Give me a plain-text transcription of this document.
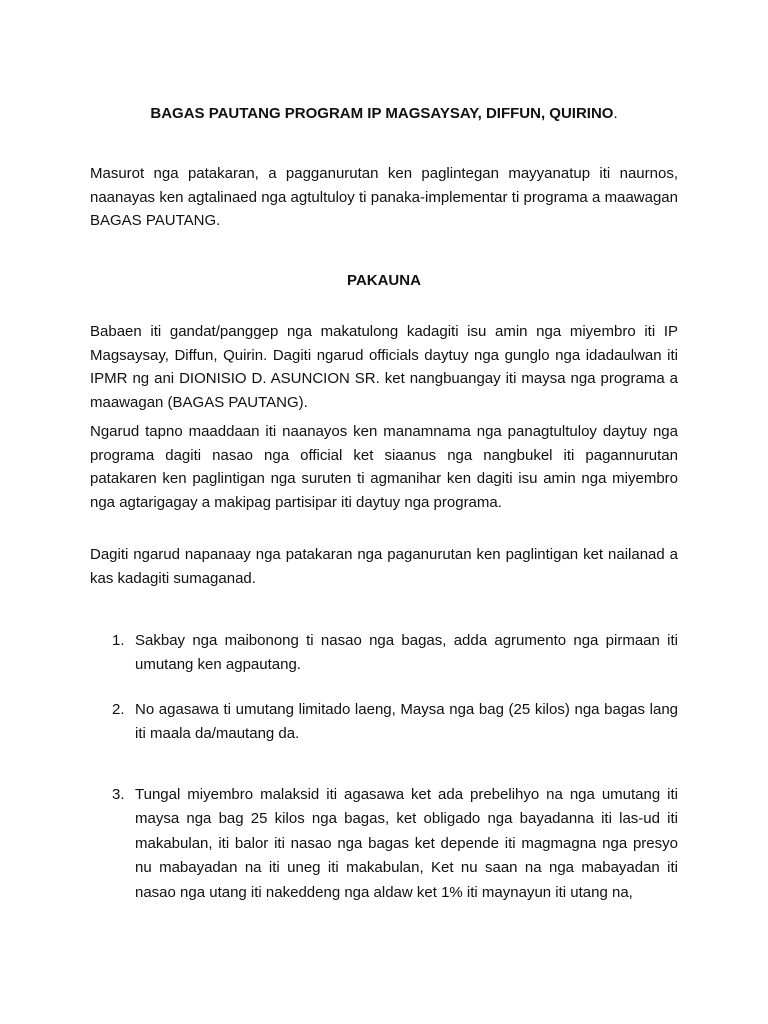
BAGAS PAUTANG PROGRAM IP MAGSAYSAY, DIFFUN, QUIRINO.

Masurot nga patakaran, a pagganurutan ken paglintegan mayyanatup iti naurnos, naanayas ken agtalinaed nga agtultuloy ti panaka-implementar ti programa a maawagan BAGAS PAUTANG.

PAKAUNA

Babaen iti gandat/panggep nga makatulong kadagiti isu amin nga miyembro iti IP Magsaysay, Diffun, Quirin. Dagiti ngarud officials daytuy nga gunglo nga idadaulwan iti IPMR ng ani DIONISIO D. ASUNCION SR. ket nangbuangay iti maysa nga programa a maawagan (BAGAS PAUTANG).

Ngarud tapno maaddaan iti naanayos ken manamnama nga panagtultuloy daytuy nga programa dagiti nasao nga official ket siaanus nga nangbukel iti pagannurutan patakaren ken paglintigan nga suruten ti agmanihar ken dagiti isu amin nga miyembro nga agtarigagay a makipag partisipar iti daytuy nga programa.

Dagiti ngarud napanaay nga patakaran nga paganurutan ken paglintigan ket nailanad a kas kadagiti sumaganad.

1. Sakbay nga maibonong ti nasao nga bagas, adda agrumento nga pirmaan iti umutang ken agpautang.

2. No agasawa ti umutang limitado laeng, Maysa nga bag (25 kilos) nga bagas lang iti maala da/mautang da.

3. Tungal miyembro malaksid iti agasawa ket ada prebelihyo na nga umutang iti maysa nga bag 25 kilos nga bagas, ket obligado nga bayadanna iti las-ud iti makabulan, iti balor iti nasao nga bagas ket depende iti magmagna nga presyo nu mabayadan na iti uneg iti makabulan, Ket nu saan na nga mabayadan iti nasao nga utang iti nakeddeng nga aldaw ket 1% iti maynayun iti utang na,
